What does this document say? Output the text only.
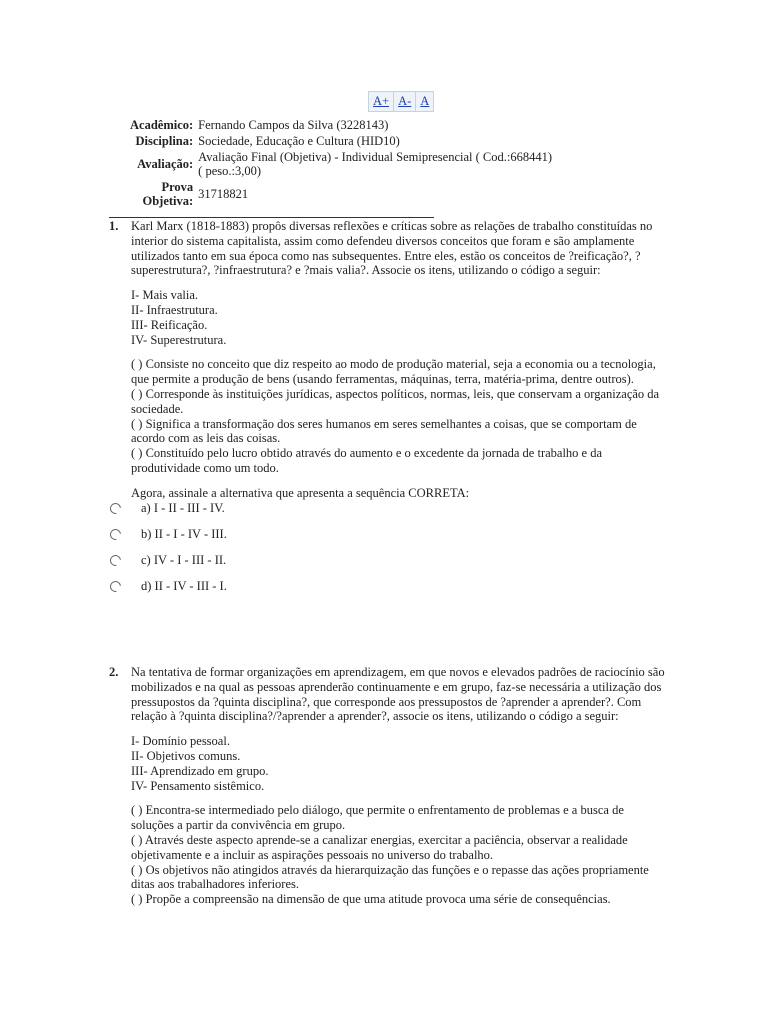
A+ A- A
Acadêmico:	Fernando Campos da Silva (3228143)
Disciplina:	Sociedade, Educação e Cultura (HID10)
Avaliação:	Avaliação Final (Objetiva) - Individual Semipresencial ( Cod.:668441)
( peso.:3,00)

Prova
Objetiva:	31718821
1. Karl Marx (1818-1883) propôs diversas reflexões e críticas sobre as relações de trabalho constituídas no interior do sistema capitalista, assim como defendeu diversos conceitos que foram e são amplamente utilizados tanto em sua época como nas subsequentes. Entre eles, estão os conceitos de ?reificação?, ?superestrutura?, ?infraestrutura? e ?mais valia?. Associe os itens, utilizando o código a seguir:

I- Mais valia.

II- Infraestrutura.

III- Reificação.

IV- Superestrutura.

( ) Consiste no conceito que diz respeito ao modo de produção material, seja a economia ou a tecnologia, que permite a produção de bens (usando ferramentas, máquinas, terra, matéria-prima, dentre outros).

( ) Corresponde às instituições jurídicas, aspectos políticos, normas, leis, que conservam a organização da sociedade.

( ) Significa a transformação dos seres humanos em seres semelhantes a coisas, que se comportam de acordo com as leis das coisas.

( ) Constituído pelo lucro obtido através do aumento e o excedente da jornada de trabalho e da produtividade como um todo.

Agora, assinale a alternativa que apresenta a sequência CORRETA:

a) I - II - III - IV.
b) II - I - IV - III.
c) IV - I - III - II.
d) II - IV - III - I.
2. Na tentativa de formar organizações em aprendizagem, em que novos e elevados padrões de raciocínio são mobilizados e na qual as pessoas aprenderão continuamente e em grupo, faz-se necessária a utilização dos pressupostos da ?quinta disciplina?, que corresponde aos pressupostos de ?aprender a aprender?. Com relação à ?quinta disciplina?/?aprender a aprender?, associe os itens, utilizando o código a seguir:

I- Domínio pessoal.

II- Objetivos comuns.

III- Aprendizado em grupo.

IV- Pensamento sistêmico.

( ) Encontra-se intermediado pelo diálogo, que permite o enfrentamento de problemas e a busca de soluções a partir da convivência em grupo.

( ) Através deste aspecto aprende-se a canalizar energias, exercitar a paciência, observar a realidade objetivamente e a incluir as aspirações pessoais no universo do trabalho.

( ) Os objetivos não atingidos através da hierarquização das funções e o repasse das ações propriamente ditas aos trabalhadores inferiores.

( ) Propõe a compreensão na dimensão de que uma atitude provoca uma série de consequências.
